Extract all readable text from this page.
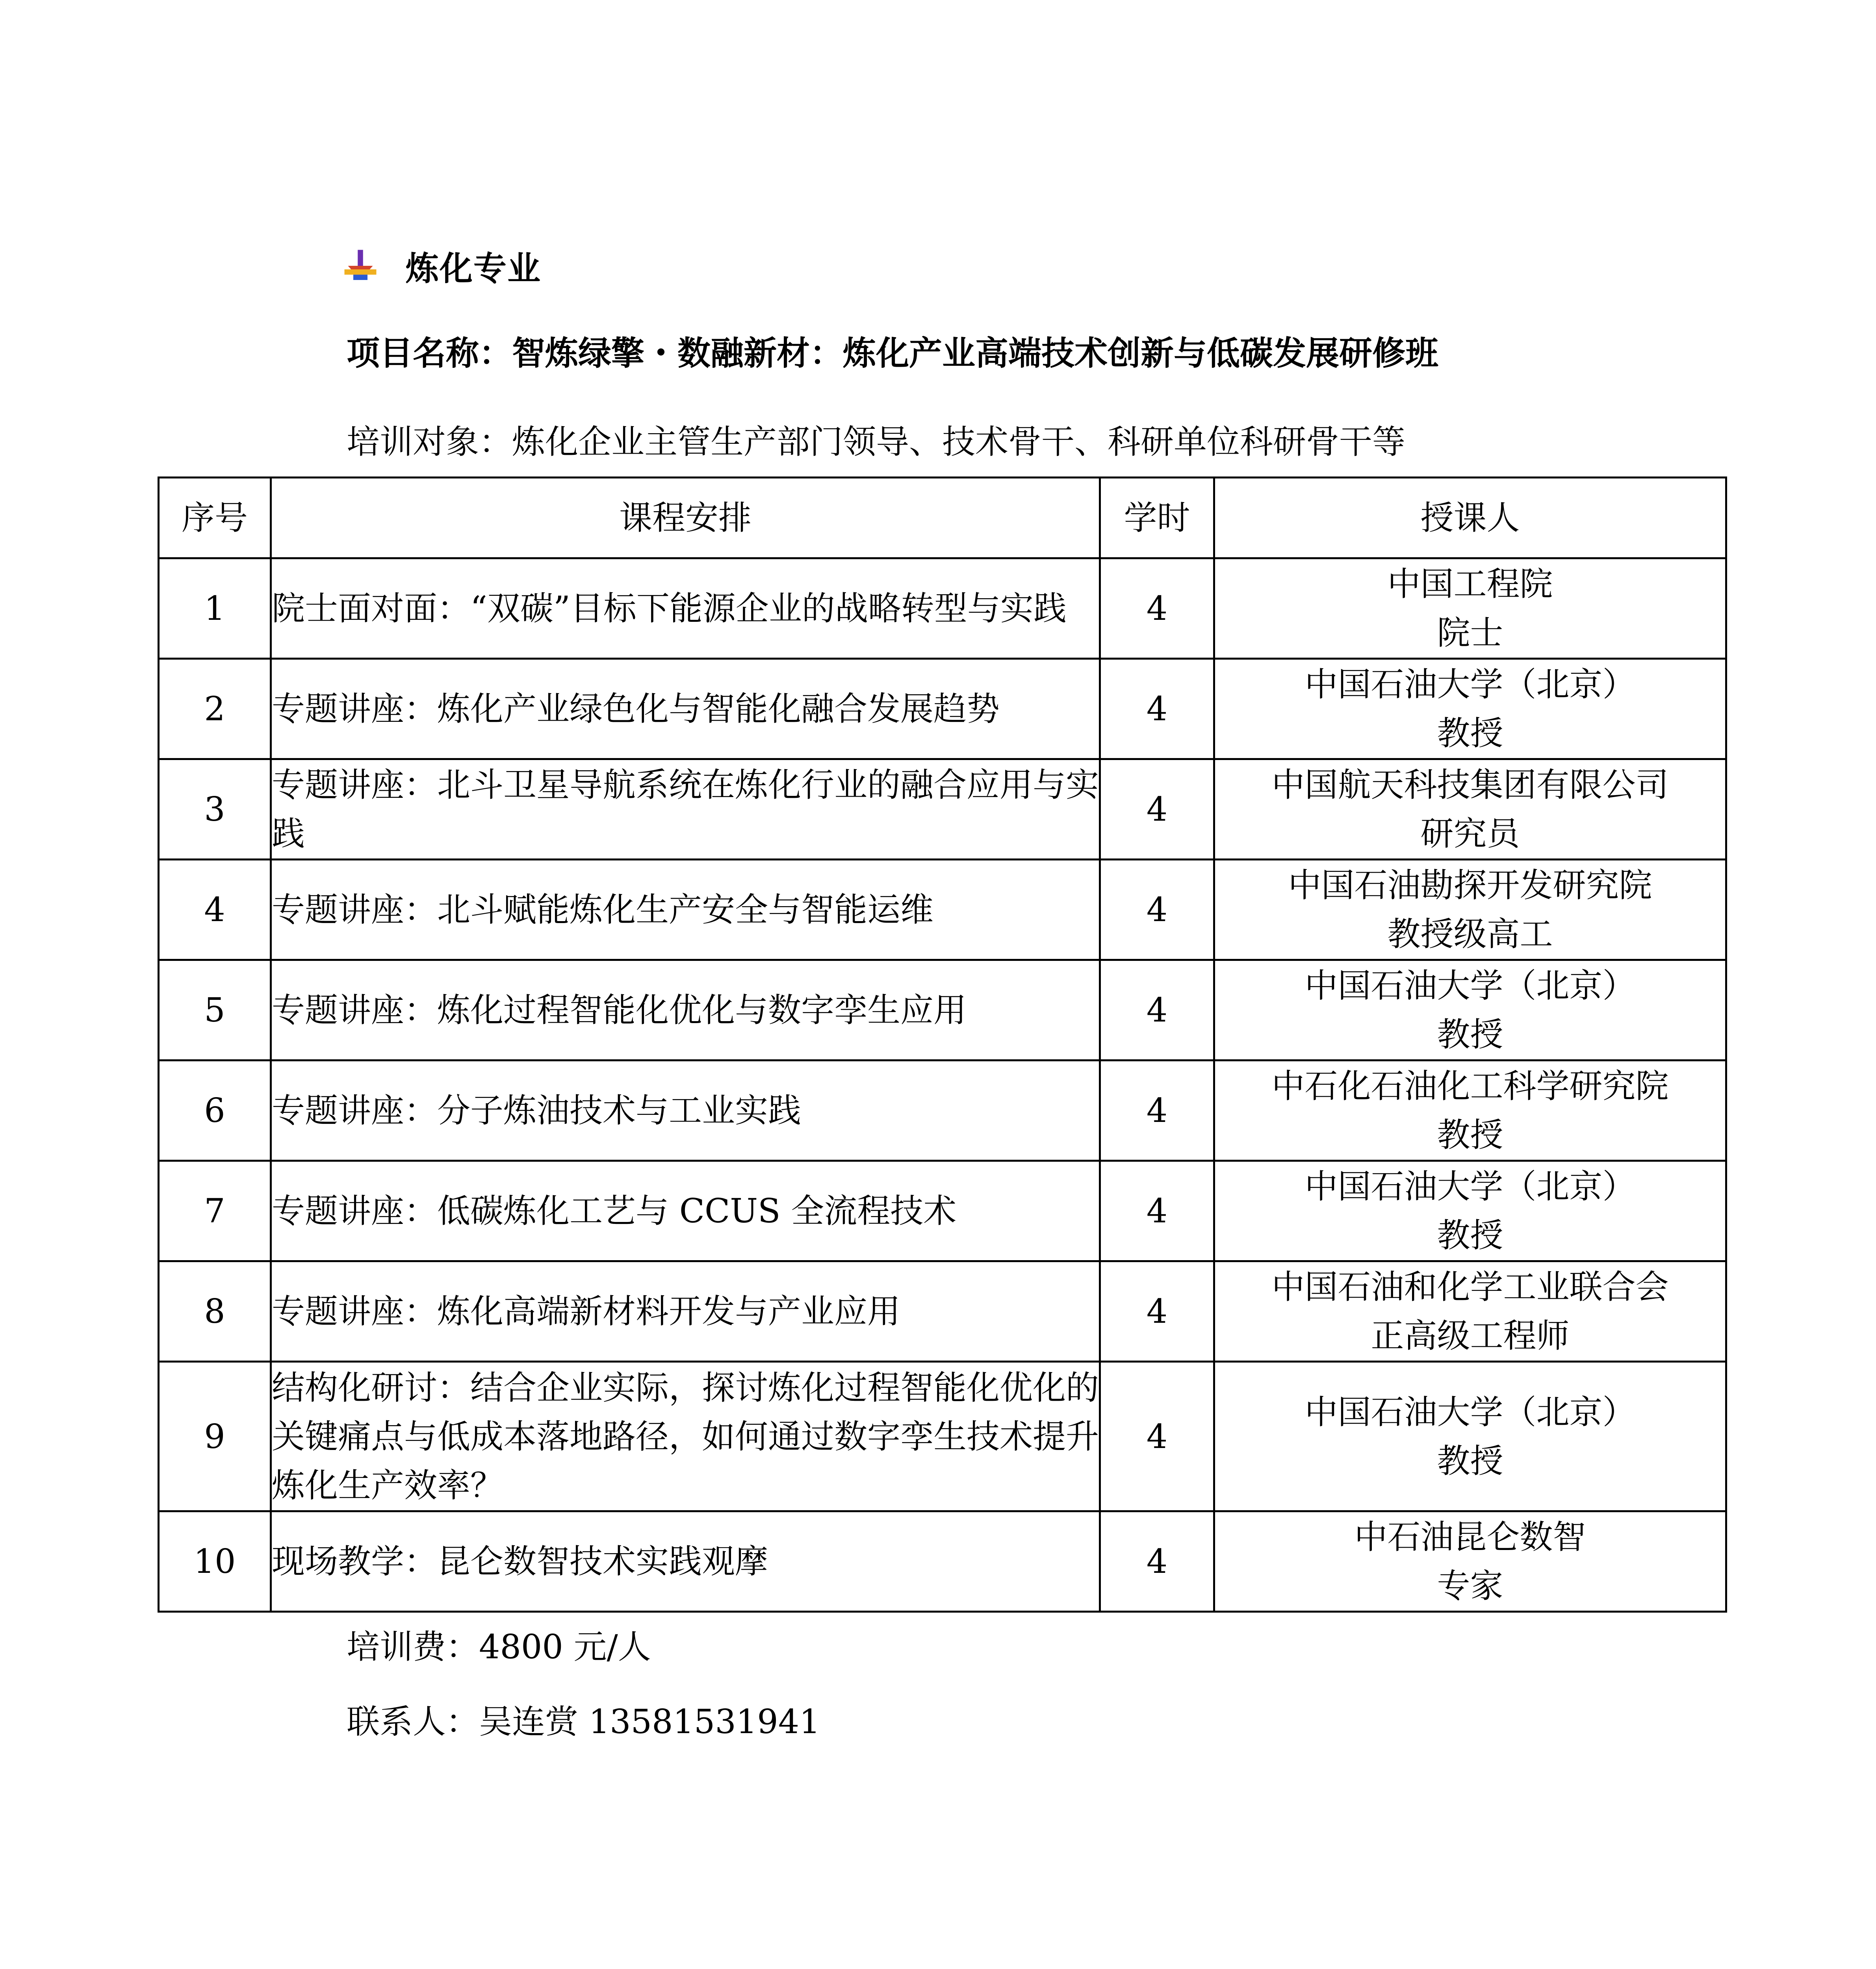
炼化专业
项目名称：智炼绿擎・数融新材：炼化产业高端技术创新与低碳发展研修班
培训对象：炼化企业主管生产部门领导、技术骨干、科研单位科研骨干等
序号	课程安排	学时	授课人
1	院士面对面：“双碳”目标下能源企业的战略转型与实践	4	中国工程院
院士

2	专题讲座：炼化产业绿色化与智能化融合发展趋势	4	中国石油大学（北京）
教授

3	专题讲座：北斗卫星导航系统在炼化行业的融合应用与实践	4	中国航天科技集团有限公司
研究员

4	专题讲座：北斗赋能炼化生产安全与智能运维	4	中国石油勘探开发研究院
教授级高工

5	专题讲座：炼化过程智能化优化与数字孪生应用	4	中国石油大学（北京）
教授

6	专题讲座：分子炼油技术与工业实践	4	中石化石油化工科学研究院
教授

7	专题讲座：低碳炼化工艺与 CCUS 全流程技术	4	中国石油大学（北京）
教授

8	专题讲座：炼化高端新材料开发与产业应用	4	中国石油和化学工业联合会
正高级工程师

9	结构化研讨：结合企业实际，探讨炼化过程智能化优化的关键痛点与低成本落地路径，如何通过数字孪生技术提升炼化生产效率？	4	中国石油大学（北京）
教授

10	现场教学：昆仑数智技术实践观摩	4	中石油昆仑数智
专家
培训费：4800 元/人
联系人：吴连赏 13581531941
